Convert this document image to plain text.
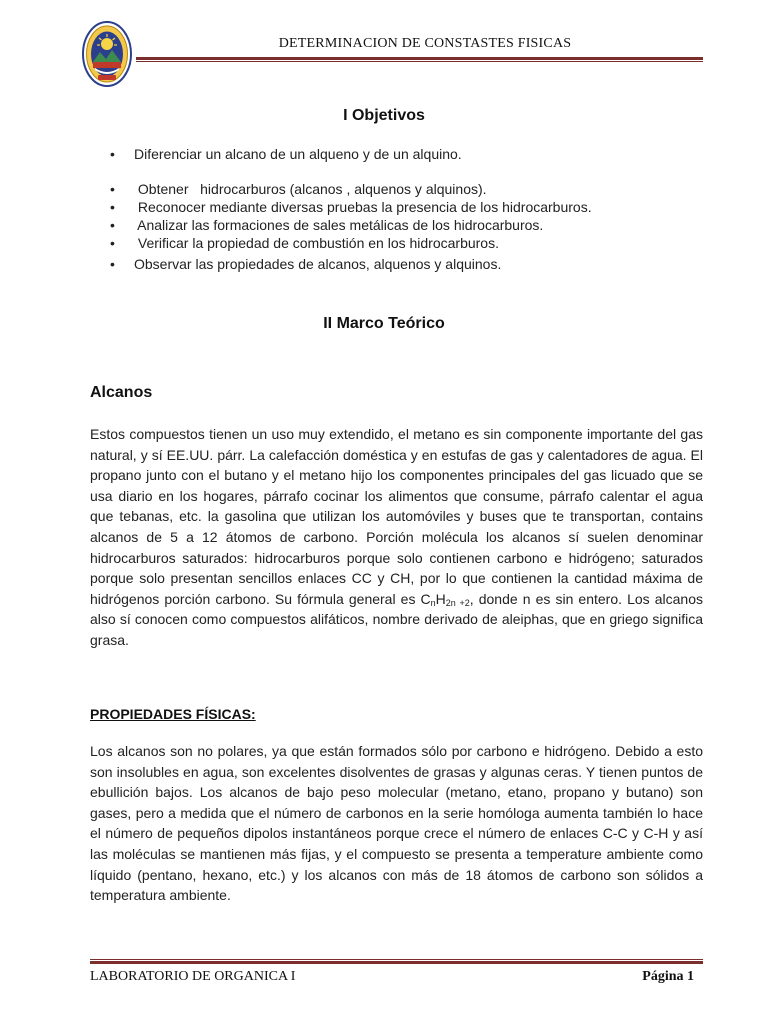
DETERMINACION DE CONSTASTES FISICAS
I Objetivos
• Diferenciar un alcano de un alqueno y de un alquino.
• Obtener   hidrocarburos (alcanos , alquenos y alquinos).
• Reconocer mediante diversas pruebas la presencia de los hidrocarburos.
• Analizar las formaciones de sales metálicas de los hidrocarburos.
• Verificar la propiedad de combustión en los hidrocarburos.
• Observar las propiedades de alcanos, alquenos y alquinos.
II Marco Teórico
Alcanos

Estos compuestos tienen un uso muy extendido, el metano es sin componente importante del gas natural, y sí EE.UU. párr. La calefacción doméstica y en estufas de gas y calentadores de agua. El propano junto con el butano y el metano hijo los componentes principales del gas licuado que se usa diario en los hogares, párrafo cocinar los alimentos que consume, párrafo calentar el agua que tebanas, etc. la gasolina que utilizan los automóviles y buses que te transportan, contains alcanos de 5 a 12 átomos de carbono. Porción molécula los alcanos sí suelen denominar hidrocarburos saturados: hidrocarburos porque solo contienen carbono e hidrógeno; saturados porque solo presentan sencillos enlaces CC y CH, por lo que contienen la cantidad máxima de hidrógenos porción carbono. Su fórmula general es $C_nH_{2n +2}$, donde n es sin entero. Los alcanos also sí conocen como compuestos alifáticos, nombre derivado de aleiphas, que en griego significa grasa.

PROPIEDADES FÍSICAS:

Los alcanos son no polares, ya que están formados sólo por carbono e hidrógeno. Debido a esto son insolubles en agua, son excelentes disolventes de grasas y algunas ceras. Y tienen puntos de ebullición bajos. Los alcanos de bajo peso molecular (metano, etano, propano y butano) son gases, pero a medida que el número de carbonos en la serie homóloga aumenta también lo hace el número de pequeños dipolos instantáneos porque crece el número de enlaces C-C y C-H y así las moléculas se mantienen más fijas, y el compuesto se presenta a temperature ambiente como líquido (pentano, hexano, etc.) y los alcanos con más de 18 átomos de carbono son sólidos a temperatura ambiente.

LABORATORIO DE ORGANICA I	Página 1
